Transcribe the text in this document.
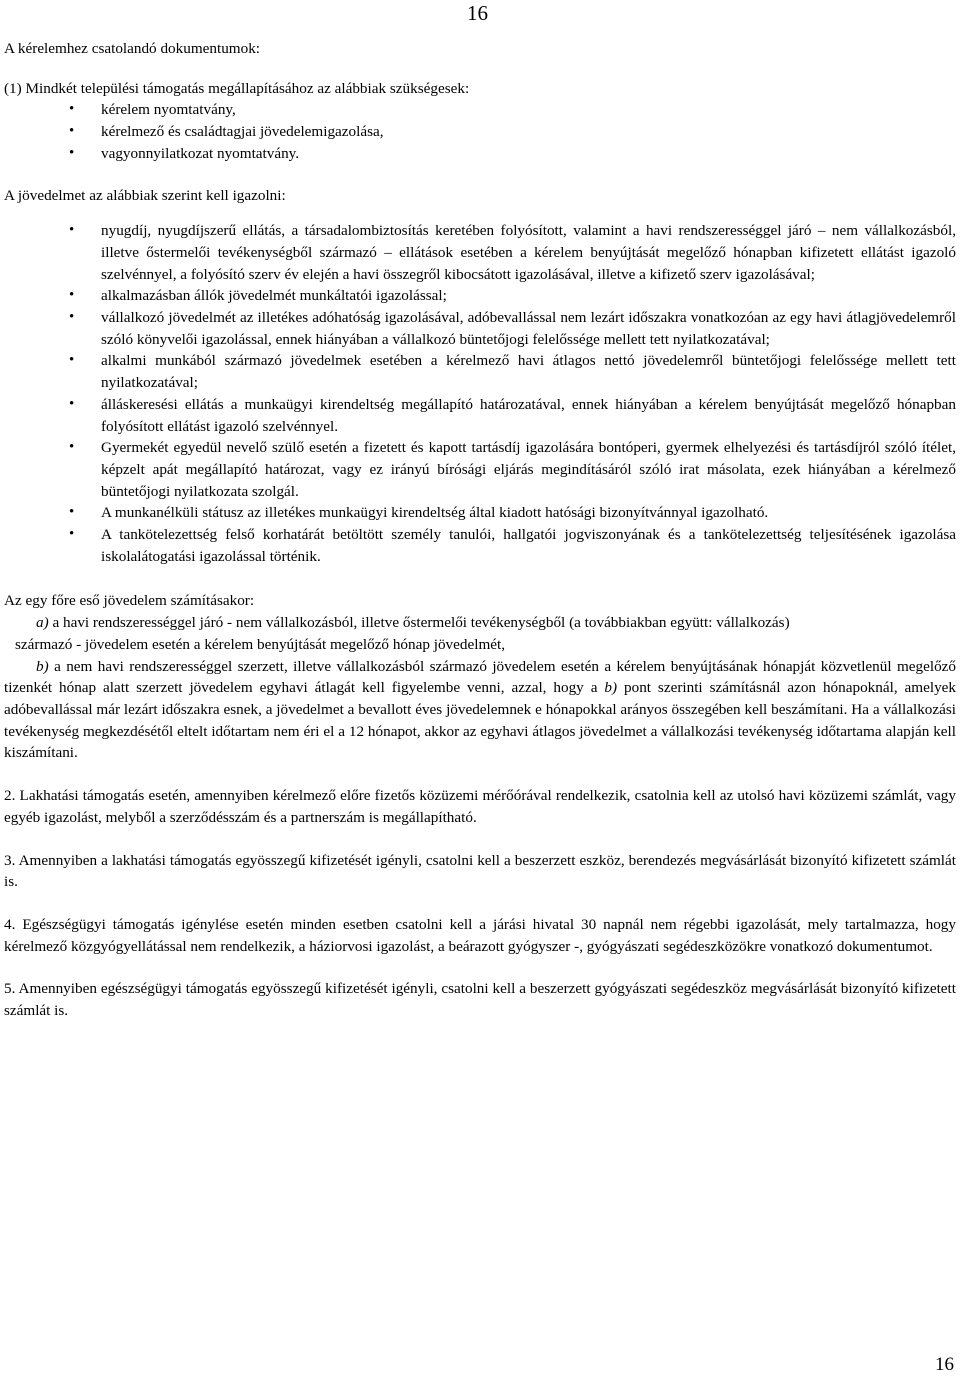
16

A kérelemhez csatolandó dokumentumok:

(1) Mindkét települési támogatás megállapításához az alábbiak szükségesek:

• kérelem nyomtatvány,
• kérelmező és családtagjai jövedelemigazolása,
• vagyonnyilatkozat nyomtatvány.

A jövedelmet az alábbiak szerint kell igazolni:

• nyugdíj, nyugdíjszerű ellátás, a társadalombiztosítás keretében folyósított, valamint a havi rendszerességgel járó – nem vállalkozásból, illetve őstermelői tevékenységből származó – ellátások esetében a kérelem benyújtását megelőző hónapban kifizetett ellátást igazoló szelvénnyel, a folyósító szerv év elején a havi összegről kibocsátott igazolásával, illetve a kifizető szerv igazolásával;
• alkalmazásban állók jövedelmét munkáltatói igazolással;
• vállalkozó jövedelmét az illetékes adóhatóság igazolásával, adóbevallással nem lezárt időszakra vonatkozóan az egy havi átlagjövedelemről szóló könyvelői igazolással, ennek hiányában a vállalkozó büntetőjogi felelőssége mellett tett nyilatkozatával;
• alkalmi munkából származó jövedelmek esetében a kérelmező havi átlagos nettó jövedelemről büntetőjogi felelőssége mellett tett nyilatkozatával;
• álláskeresési ellátás a munkaügyi kirendeltség megállapító határozatával, ennek hiányában a kérelem benyújtását megelőző hónapban folyósított ellátást igazoló szelvénnyel.
• Gyermekét egyedül nevelő szülő esetén a fizetett és kapott tartásdíj igazolására bontóperi, gyermek elhelyezési és tartásdíjról szóló ítélet, képzelt apát megállapító határozat, vagy ez irányú bírósági eljárás megindításáról szóló irat másolata, ezek hiányában a kérelmező büntetőjogi nyilatkozata szolgál.
• A munkanélküli státusz az illetékes munkaügyi kirendeltség által kiadott hatósági bizonyítvánnyal igazolható.
• A tankötelezettség felső korhatárát betöltött személy tanulói, hallgatói jogviszonyának és a tankötelezettség teljesítésének igazolása iskolalátogatási igazolással történik.

Az egy főre eső jövedelem számításakor:

a) a havi rendszerességgel járó - nem vállalkozásból, illetve őstermelői tevékenységből (a továbbiakban együtt: vállalkozás)

származó - jövedelem esetén a kérelem benyújtását megelőző hónap jövedelmét,

b) a nem havi rendszerességgel szerzett, illetve vállalkozásból származó jövedelem esetén a kérelem benyújtásának hónapját közvetlenül megelőző tizenkét hónap alatt szerzett jövedelem egyhavi átlagát kell figyelembe venni, azzal, hogy a b) pont szerinti számításnál azon hónapoknál, amelyek adóbevallással már lezárt időszakra esnek, a jövedelmet a bevallott éves jövedelemnek e hónapokkal arányos összegében kell beszámítani. Ha a vállalkozási tevékenység megkezdésétől eltelt időtartam nem éri el a 12 hónapot, akkor az egyhavi átlagos jövedelmet a vállalkozási tevékenység időtartama alapján kell kiszámítani.

2. Lakhatási támogatás esetén, amennyiben kérelmező előre fizetős közüzemi mérőórával rendelkezik, csatolnia kell az utolsó havi közüzemi számlát, vagy egyéb igazolást, melyből a szerződésszám és a partnerszám is megállapítható.

3. Amennyiben a lakhatási támogatás egyösszegű kifizetését igényli, csatolni kell a beszerzett eszköz, berendezés megvásárlását bizonyító kifizetett számlát is.

4. Egészségügyi támogatás igénylése esetén minden esetben csatolni kell a járási hivatal 30 napnál nem régebbi igazolását, mely tartalmazza, hogy kérelmező közgyógyellátással nem rendelkezik, a háziorvosi igazolást, a beárazott gyógyszer -, gyógyászati segédeszközökre vonatkozó dokumentumot.

5. Amennyiben egészségügyi támogatás egyösszegű kifizetését igényli, csatolni kell a beszerzett gyógyászati segédeszköz megvásárlását bizonyító kifizetett számlát is.

16
